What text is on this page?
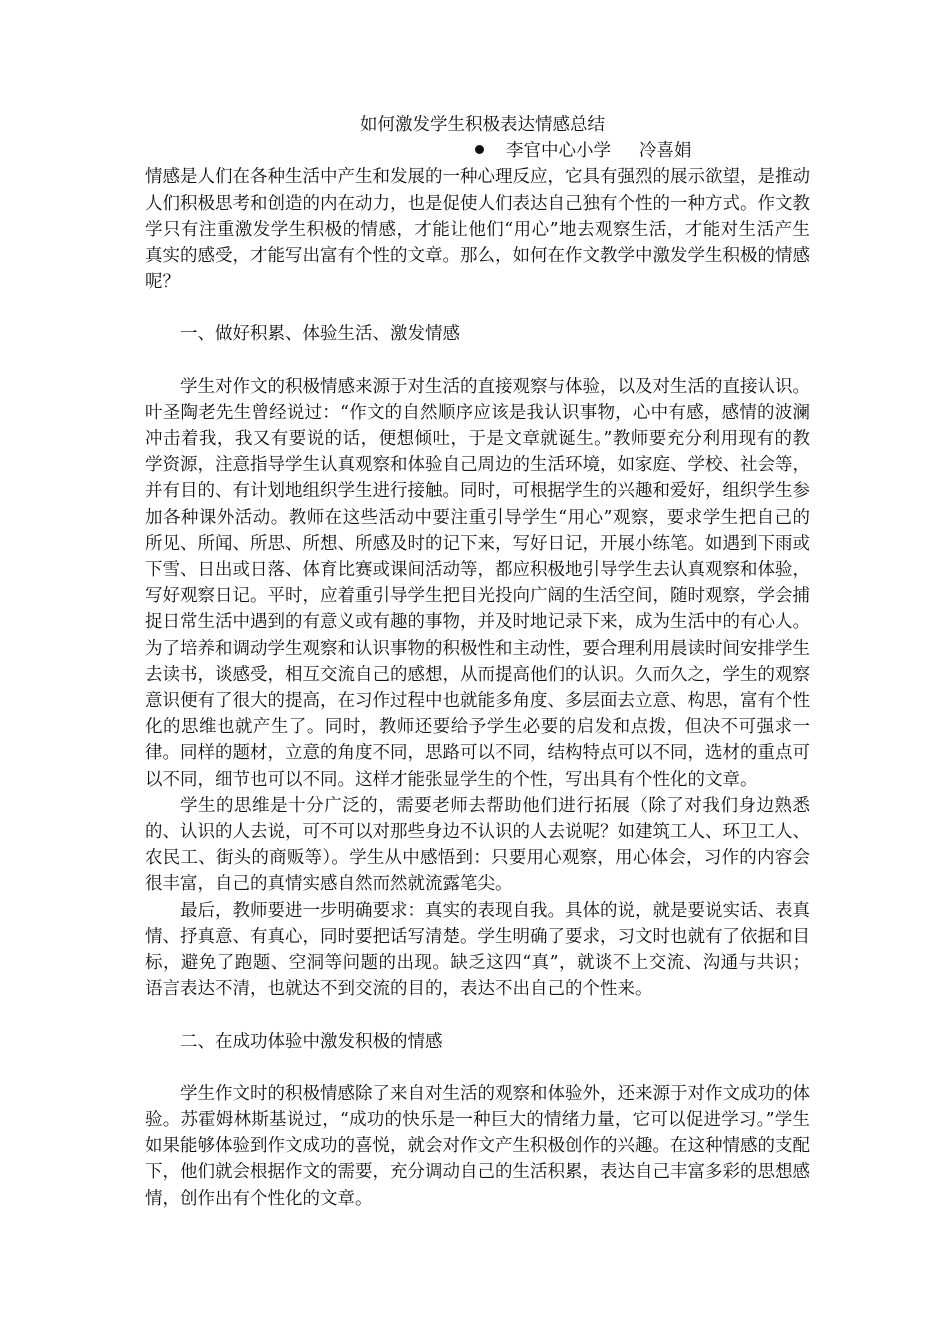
如何激发学生积极表达情感总结

李官中心小学 冷喜娟

情感是人们在各种生活中产生和发展的一种心理反应，它具有强烈的展示欲望，是推动人们积极思考和创造的内在动力，也是促使人们表达自己独有个性的一种方式。作文教学只有注重激发学生积极的情感，才能让他们“用心”地去观察生活，才能对生活产生真实的感受，才能写出富有个性的文章。那么，如何在作文教学中激发学生积极的情感呢？

一、做好积累、体验生活、激发情感

学生对作文的积极情感来源于对生活的直接观察与体验，以及对生活的直接认识。叶圣陶老先生曾经说过：“作文的自然顺序应该是我认识事物，心中有感，感情的波澜冲击着我，我又有要说的话，便想倾吐，于是文章就诞生。”教师要充分利用现有的教学资源，注意指导学生认真观察和体验自己周边的生活环境，如家庭、学校、社会等，并有目的、有计划地组织学生进行接触。同时，可根据学生的兴趣和爱好，组织学生参加各种课外活动。教师在这些活动中要注重引导学生“用心”观察，要求学生把自己的所见、所闻、所思、所想、所感及时的记下来，写好日记，开展小练笔。如遇到下雨或下雪、日出或日落、体育比赛或课间活动等，都应积极地引导学生去认真观察和体验，写好观察日记。平时，应着重引导学生把目光投向广阔的生活空间，随时观察，学会捕捉日常生活中遇到的有意义或有趣的事物，并及时地记录下来，成为生活中的有心人。为了培养和调动学生观察和认识事物的积极性和主动性，要合理利用晨读时间安排学生去读书，谈感受，相互交流自己的感想，从而提高他们的认识。久而久之，学生的观察意识便有了很大的提高，在习作过程中也就能多角度、多层面去立意、构思，富有个性化的思维也就产生了。同时，教师还要给予学生必要的启发和点拨，但决不可强求一律。同样的题材，立意的角度不同，思路可以不同，结构特点可以不同，选材的重点可以不同，细节也可以不同。这样才能张显学生的个性，写出具有个性化的文章。

学生的思维是十分广泛的，需要老师去帮助他们进行拓展（除了对我们身边熟悉的、认识的人去说，可不可以对那些身边不认识的人去说呢？如建筑工人、环卫工人、农民工、街头的商贩等）。学生从中感悟到：只要用心观察，用心体会，习作的内容会很丰富，自己的真情实感自然而然就流露笔尖。

最后，教师要进一步明确要求：真实的表现自我。具体的说，就是要说实话、表真情、抒真意、有真心，同时要把话写清楚。学生明确了要求，习文时也就有了依据和目标，避免了跑题、空洞等问题的出现。缺乏这四“真”，就谈不上交流、沟通与共识；语言表达不清，也就达不到交流的目的，表达不出自己的个性来。

二、在成功体验中激发积极的情感

学生作文时的积极情感除了来自对生活的观察和体验外，还来源于对作文成功的体验。苏霍姆林斯基说过，“成功的快乐是一种巨大的情绪力量，它可以促进学习。”学生如果能够体验到作文成功的喜悦，就会对作文产生积极创作的兴趣。在这种情感的支配下，他们就会根据作文的需要，充分调动自己的生活积累，表达自己丰富多彩的思想感情，创作出有个性化的文章。
